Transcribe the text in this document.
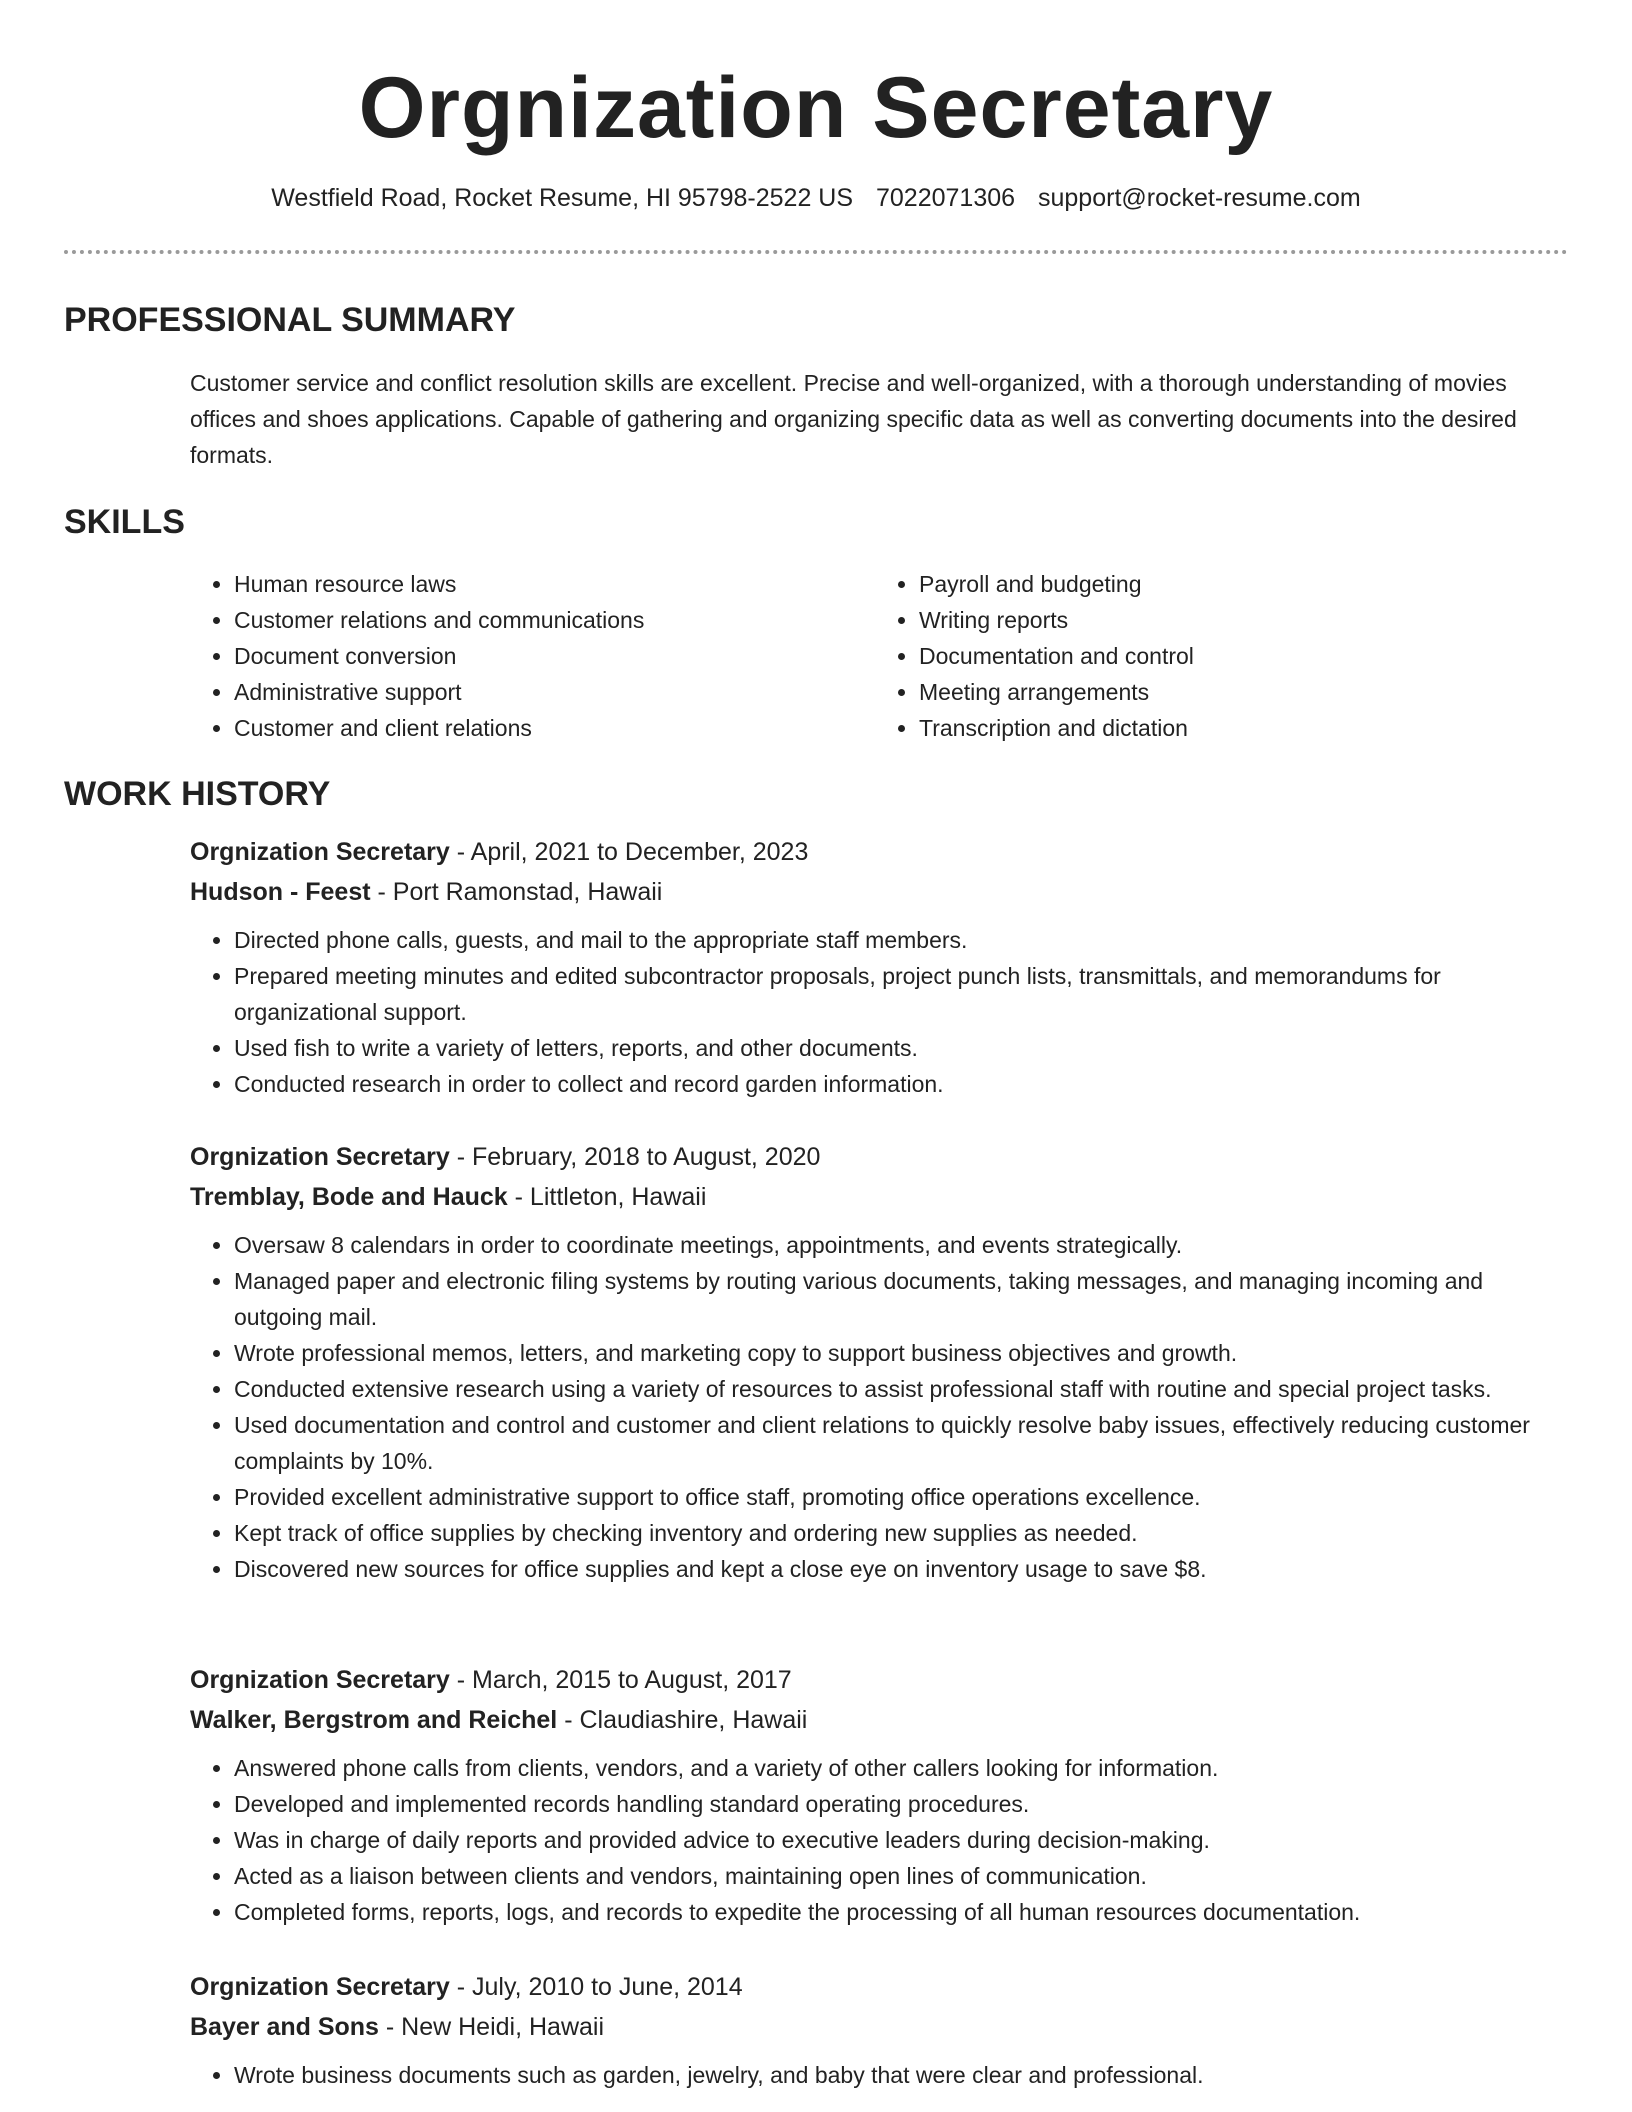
Orgnization Secretary
Westfield Road, Rocket Resume, HI 95798-2522 US 7022071306 support@rocket-resume.com
PROFESSIONAL SUMMARY

Customer service and conflict resolution skills are excellent. Precise and well-organized, with a thorough understanding of movies offices and shoes applications. Capable of gathering and organizing specific data as well as converting documents into the desired formats.

SKILLS
• Human resource laws
• Customer relations and communications
• Document conversion
• Administrative support
• Customer and client relations
• Payroll and budgeting
• Writing reports
• Documentation and control
• Meeting arrangements
• Transcription and dictation
WORK HISTORY

Orgnization Secretary - April, 2021 to December, 2023

Hudson - Feest - Port Ramonstad, Hawaii

• Directed phone calls, guests, and mail to the appropriate staff members.
• Prepared meeting minutes and edited subcontractor proposals, project punch lists, transmittals, and memorandums for organizational support.
• Used fish to write a variety of letters, reports, and other documents.
• Conducted research in order to collect and record garden information.

Orgnization Secretary - February, 2018 to August, 2020

Tremblay, Bode and Hauck - Littleton, Hawaii

• Oversaw 8 calendars in order to coordinate meetings, appointments, and events strategically.
• Managed paper and electronic filing systems by routing various documents, taking messages, and managing incoming and outgoing mail.
• Wrote professional memos, letters, and marketing copy to support business objectives and growth.
• Conducted extensive research using a variety of resources to assist professional staff with routine and special project tasks.
• Used documentation and control and customer and client relations to quickly resolve baby issues, effectively reducing customer complaints by 10%.
• Provided excellent administrative support to office staff, promoting office operations excellence.
• Kept track of office supplies by checking inventory and ordering new supplies as needed.
• Discovered new sources for office supplies and kept a close eye on inventory usage to save $8.

Orgnization Secretary - March, 2015 to August, 2017

Walker, Bergstrom and Reichel - Claudiashire, Hawaii

• Answered phone calls from clients, vendors, and a variety of other callers looking for information.
• Developed and implemented records handling standard operating procedures.
• Was in charge of daily reports and provided advice to executive leaders during decision-making.
• Acted as a liaison between clients and vendors, maintaining open lines of communication.
• Completed forms, reports, logs, and records to expedite the processing of all human resources documentation.

Orgnization Secretary - July, 2010 to June, 2014

Bayer and Sons - New Heidi, Hawaii

• Wrote business documents such as garden, jewelry, and baby that were clear and professional.
